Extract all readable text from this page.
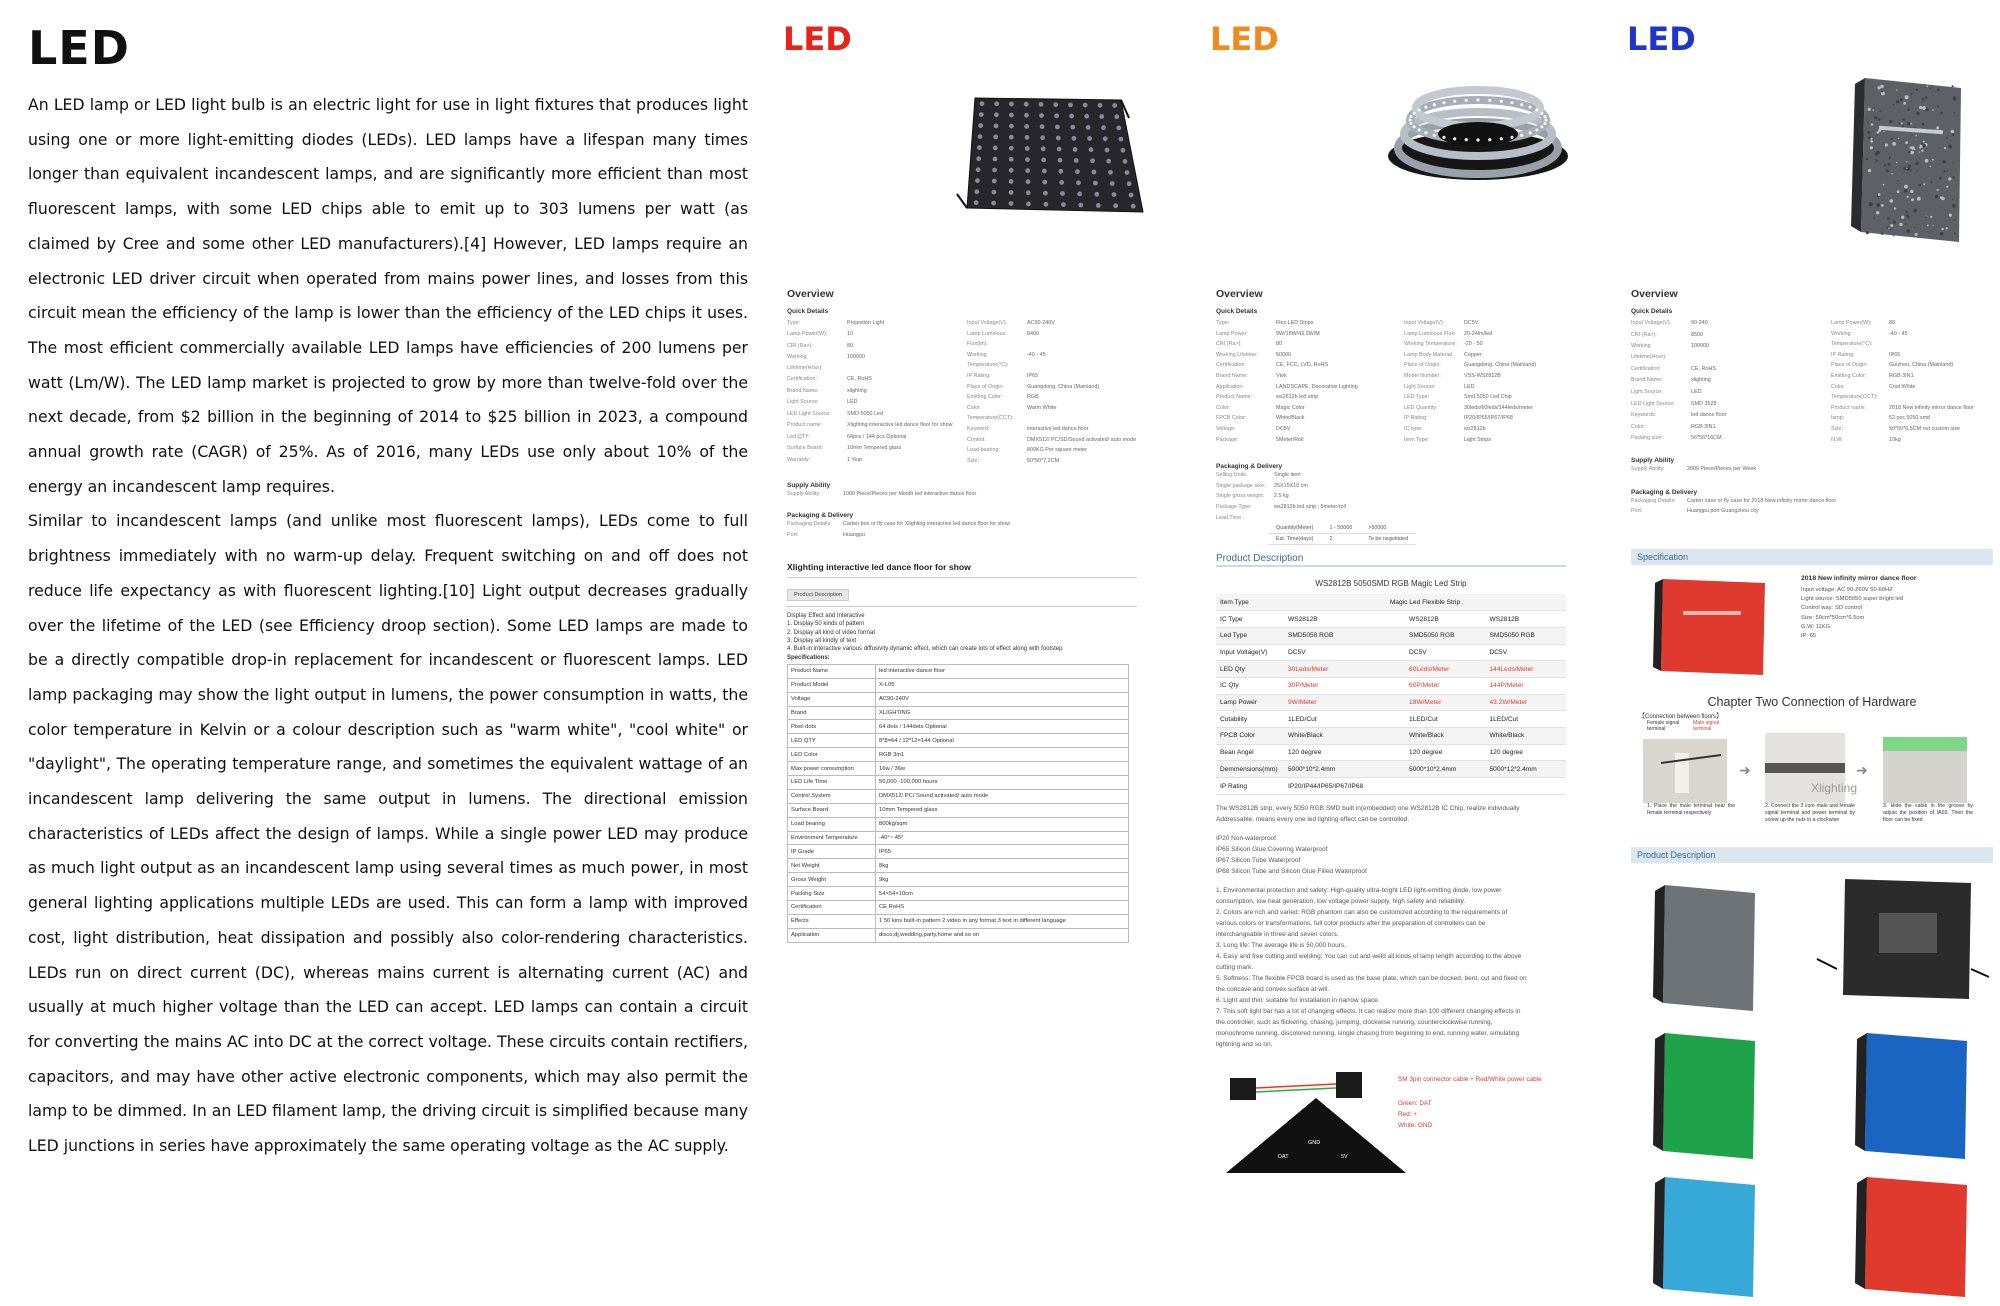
LED

An LED lamp or LED light bulb is an electric light for use in light fixtures that produces light using one or more light-emitting diodes (LEDs). LED lamps have a lifespan many times longer than equivalent incandescent lamps, and are significantly more efficient than most fluorescent lamps, with some LED chips able to emit up to 303 lumens per watt (as claimed by Cree and some other LED manufacturers).[4] However, LED lamps require an electronic LED driver circuit when operated from mains power lines, and losses from this circuit mean the efficiency of the lamp is lower than the efficiency of the LED chips it uses. The most efficient commercially available LED lamps have efficiencies of 200 lumens per watt (Lm/W). The LED lamp market is projected to grow by more than twelve-fold over the next decade, from $2 billion in the beginning of 2014 to $25 billion in 2023, a compound annual growth rate (CAGR) of 25%. As of 2016, many LEDs use only about 10% of the energy an incandescent lamp requires.

Similar to incandescent lamps (and unlike most fluorescent lamps), LEDs come to full brightness immediately with no warm-up delay. Frequent switching on and off does not reduce life expectancy as with fluorescent lighting.[10] Light output decreases gradually over the lifetime of the LED (see Efficiency droop section). Some LED lamps are made to be a directly compatible drop-in replacement for incandescent or fluorescent lamps. LED lamp packaging may show the light output in lumens, the power consumption in watts, the color temperature in Kelvin or a colour description such as "warm white", "cool white" or "daylight", The operating temperature range, and sometimes the equivalent wattage of an incandescent lamp delivering the same output in lumens. The directional emission characteristics of LEDs affect the design of lamps. While a single power LED may produce as much light output as an incandescent lamp using several times as much power, in most general lighting applications multiple LEDs are used. This can form a lamp with improved cost, light distribution, heat dissipation and possibly also color-rendering characteristics. LEDs run on direct current (DC), whereas mains current is alternating current (AC) and usually at much higher voltage than the LED can accept. LED lamps can contain a circuit for converting the mains AC into DC at the correct voltage. These circuits contain rectifiers, capacitors, and may have other active electronic components, which may also permit the lamp to be dimmed. In an LED filament lamp, the driving circuit is simplified because many LED junctions in series have approximately the same operating voltage as the AC supply.

LED
Overview
Quick Details
Type:	Projection Light
Lamp Power(W):	10
CRI (Ra>):	80
Working Lifetime(Hour):
100000
Certification:	CE, RoHS
Brand Name:	xlighting
Light Source:	LED
LED Light Source:	SMD 5050 Led
Product name:	Xlighting interactive led dance floor for show
Led QTY:	64pcs / 144 pcs Optional
Surface Board:	10mm Tempered glass
Warranty:	1 Year
Input Voltage(V):	AC90-240V
Lamp Luminous Flux(lm):
8400
Working Temperature(°C):
-40 - 45
IP Rating:	IP65
Place of Origin:	Guangdong, China (Mainland)
Emitting Color:	RGB
Color Temperature(CCT):
Warm White
Keyword:	interactive led dance floor
Control:	DMX512/ PC/SD/Sound activated/ auto mode
Load bearing:	800KG Per square meter
Size:	50*50*7.2CM
Supply Ability
Supply Ability:	1000 Piece/Pieces per Month led interactive dance floor
Packaging & Delivery
Packaging Details:	Carton box or fly case for Xlighting interactive led dance floor for show
Port:	Huangpu
Xlighting interactive led dance floor for show
Product Description
Display Effect and Interactive
1. Display 50 kinds of pattern
2. Display all kind of video format
3. Display all kindly of text
4. Built-in interactive various diffusivity dynamic effect, which can create lots of effect along with footstep
Specifications:
Product Name	led interactive dance floor
Product Model	X-L05
Voltage	AC90-240V
Brand	XLIGHTING
Pixel dots	64 dots / 144dots Optional
LED QTY	8*8=64 / 12*12=144 Optional
LED Color	RGB 3in1
Max power consumption	16w / 36w
LED Life Time	50,000 -100,000 hours
Control System	DMX512/ PC/ Sound activated/ auto mode
Surface Board	10mm Tempered glass
Load bearing	800kg/sqm
Environment Temperature	-40°~ 45°
IP Grade	IP65
Net Weight	8kg
Gross Weight	9kg
Packing Size	54×54×10cm
Certification	CE RoHS
Effects	1 50 kins built-in pattern 2 video in any format 3 text in different language
Application	disco,dj,wedding,party,home and so on
LED
Overview
Quick Details
Type:	Flex LED Strips
Lamp Power:	9W/18W/43.2W/M
CRI (Ra>):	80
Working Lifetime:	50000
Certification:	CE, FCC, LVD, RoHS
Brand Name:	Vtek
Application:	LANDSCAPE, Decorative Lighting
Product Name:	ws2812b led strip
Color:	Magic Color
FPCB Color:	White/Black
Voltage:	DC5V
Package:	5Meter/Roll
Input Voltage(V):	DC5V
Lamp Luminous Flux:	20-24lm/led
Working Temperature: -20 - 50
Lamp Body Material:	Copper
Place of Origin:	Guangdong, China (Mainland)
Model Number:	VSS-WS2812B
Light Source:	LED
LED Type:	Smd 5050 Led Chip
LED Quantity:	30leds/60leds/144leds/meter
IP Rating:	IP20/IP65/IP67/IP68
IC type:	ws2812b
Item Type:	Light Strips
Packaging & Delivery
Selling Units:	Single item
Single package size:	25X15X10 cm
Single gross weight:	2.5 kg
Package Type:	ws2812b led strip : 5meter/roll
Lead Time :
Quantity(Meter)	1 - 50000	>50000
Est. Time(days)	2	To be negotiated
Product Description
WS2812B 5050SMD RGB Magic Led Strip
Item Type	Magic Led Flexible Strip		
IC Type	WS2812B	WS2812B	WS2812B
Led Type	SMD5050 RGB	SMD5050 RGB	SMD5050 RGB
Input Voltage(V)	DC5V	DC5V	DC5V
LED Qty	30Leds/Meter	60Leds/Meter	144Leds/Meter
IC Qty	30P/Meter	60P/Meter	144P/Meter
Lamp Power	9W/Meter	18W/Meter	43.2W/Meter
Cutability	1LED/Cut	1LED/Cut	1LED/Cut
FPCB Color	White/Black	White/Black	White/Black
Bean Angel	120 degree	120 degree	120 degree
Demmensions(mm)	5000*10*2.4mm	5000*10*2.4mm	5000*12*2.4mm
IP Rating	IP20/IP44/IP65/IP67/IP68		
The WS2812B strip, every 5050 RGB SMD built in(embedded) one WS2812B IC Chip, realize individually
Addressable, means every one led lighting effect can be controlled.
IP20 Non-waterproof
IP65 Silicon Glue Covering Waterproof
IP67 Silicon Tube Waterproof
IP68 Silicon Tube and Silicon Glue Filled Waterproof
1. Environmental protection and safety: High-quality ultra-bright LED light-emitting diode, low power
consumption, low heat generation, low voltage power supply, high safety and reliability.
2. Colors are rich and varied: RGB phantom can also be customized according to the requirements of
various colors or transformations, full color products after the preparation of controllers can be
interchangeable in three and seven colors.
3. Long life: The average life is 50,000 hours.
4. Easy and free cutting and welding: You can cut and weld all kinds of lamp length according to the above
cutting mark.
5. Softness: The flexible FPCB board is used as the base plate, which can be docked, bent, cut and fixed on
the concave and convex surface at will.
6. Light and thin: suitable for installation in narrow space.
7. This soft light bar has a lot of changing effects. It can realize more than 100 different changing effects in
the controller, such as flickering, chasing, jumping, clockwise running, counterclockwise running,
monochrome running, discolored running, single chasing from beginning to end, running water, simulating
lightning and so on.
GND
DAT	5V
SM 3pin connector cable + Red/White power cable
Green: DAT
Red: +
White: GND
LED
Overview
Quick Details
Input Voltage(V):	90-240
CRI (Ra>):	8500
Working Lifetime(Hour):
100000
Certification:	CE, RoHS
Brand Name:	xlighting
Light Source:	LED
LED Light Source:	SMD 3528
Keywords:	led dance floor
Color:	RGB 3IN1
Packing size:	56*56*16CM
Lamp Power(W):	80
Working Temperature(°C):
-40 - 45
IP Rating:	IP65
Place of Origin:	Guizhou, China (Mainland)
Emitting Color:	RGB 3IN1
Color Temperature(CCT):
Cool White
Product name:	2018 New infinity mirror dance floor
lamp:	52 pcs 5050 smd
Size:	50*50*6.5CM out custom size
N.W:	10kg
Supply Ability
Supply Ability:	2000 Piece/Pieces per Week
Packaging & Delivery
Packaging Details:	Carton case or fly case for 2018 New infinity mirror dance floor
Port:	Huangpu port Guangzhou city
Specification
2018 New infinity mirror dance floor
Input voltage: AC 90-260V 50-60HZ
Light source: SMD5050 super bright led
Control way: SD control
Size: 50cm*50cm*6.5cm
G.W: 11KG
IP: 65
Chapter Two Connection of Hardware
【Connection between floors】
Female signal terminal
Male signal terminal
➜	➜
Xlighting
1. Place the male terminal near the female terminal respectively
2. Connect the 3 core male and female signal terminal and power terminal by screw up the nuts in a clockwise
3. Hide the cable in the groove by adjust the position of IA03. Then the floor can be fixed
Product Description
